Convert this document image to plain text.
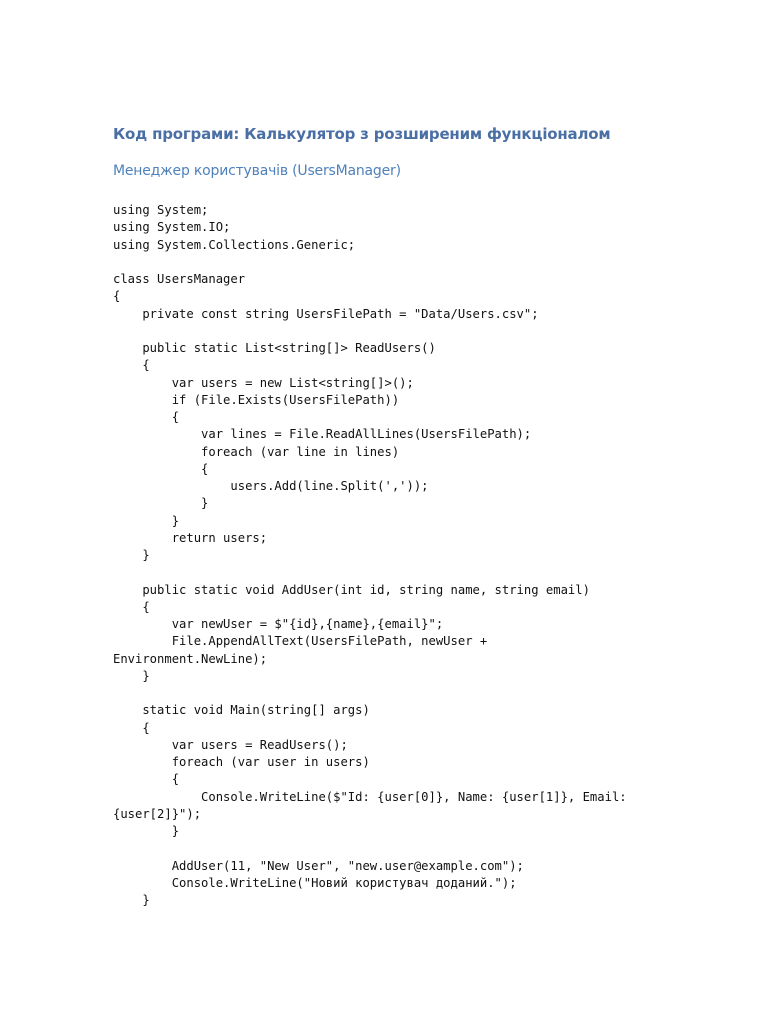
Код програми: Калькулятор з розширеним функціоналом
Менеджер користувачів (UsersManager)
using System;
using System.IO;
using System.Collections.Generic;
class UsersManager
{
private const string UsersFilePath = "Data/Users.csv";
public static List<string[]> ReadUsers()
{
var users = new List<string[]>();
if (File.Exists(UsersFilePath))
{
var lines = File.ReadAllLines(UsersFilePath);
foreach (var line in lines)
{
users.Add(line.Split(','));
}
}
return users;
}
public static void AddUser(int id, string name, string email)
{
var newUser = $"{id},{name},{email}";
File.AppendAllText(UsersFilePath, newUser +
Environment.NewLine);
}
static void Main(string[] args)
{
var users = ReadUsers();
foreach (var user in users)
{
Console.WriteLine($"Id: {user[0]}, Name: {user[1]}, Email:
{user[2]}");
}
AddUser(11, "New User", "new.user@example.com");
Console.WriteLine("Новий користувач доданий.");
}
